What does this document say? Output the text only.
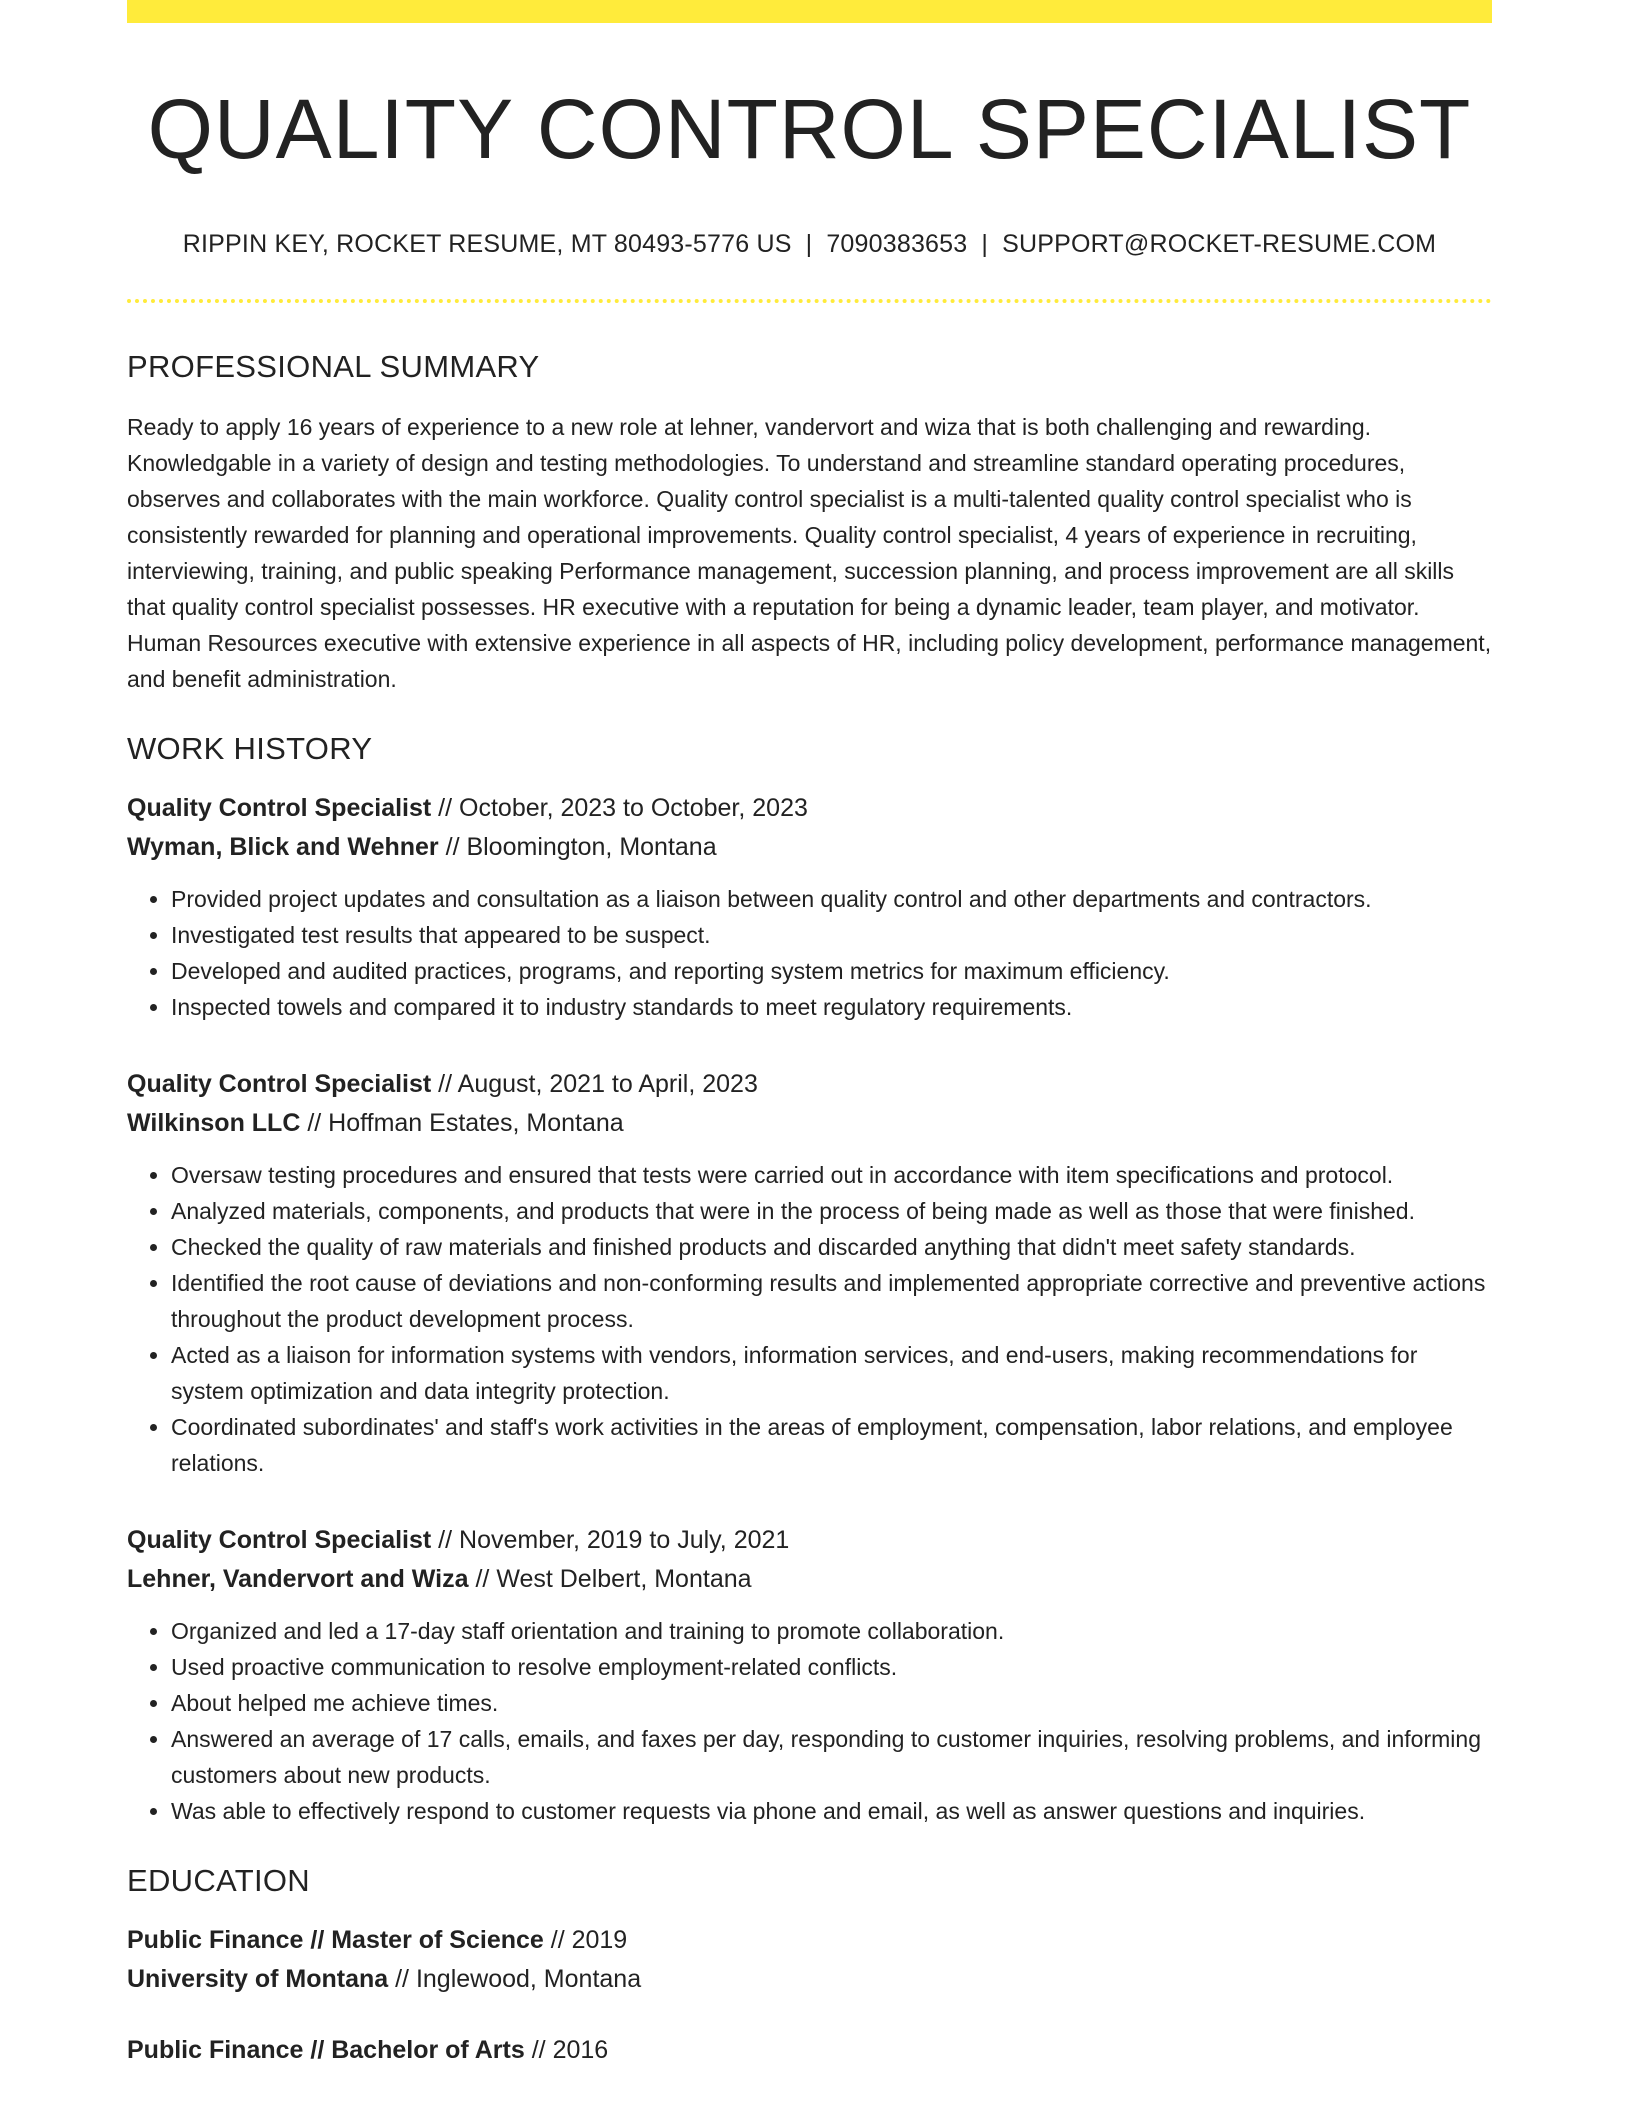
QUALITY CONTROL SPECIALIST
RIPPIN KEY, ROCKET RESUME, MT 80493-5776 US | 7090383653 | SUPPORT@ROCKET-RESUME.COM
PROFESSIONAL SUMMARY
Ready to apply 16 years of experience to a new role at lehner, vandervort and wiza that is both challenging and rewarding. Knowledgable in a variety of design and testing methodologies. To understand and streamline standard operating procedures, observes and collaborates with the main workforce. Quality control specialist is a multi-talented quality control specialist who is consistently rewarded for planning and operational improvements. Quality control specialist, 4 years of experience in recruiting, interviewing, training, and public speaking Performance management, succession planning, and process improvement are all skills that quality control specialist possesses. HR executive with a reputation for being a dynamic leader, team player, and motivator. Human Resources executive with extensive experience in all aspects of HR, including policy development, performance management, and benefit administration.
WORK HISTORY
Quality Control Specialist // October, 2023 to October, 2023
Wyman, Blick and Wehner // Bloomington, Montana
• Provided project updates and consultation as a liaison between quality control and other departments and contractors.
• Investigated test results that appeared to be suspect.
• Developed and audited practices, programs, and reporting system metrics for maximum efficiency.
• Inspected towels and compared it to industry standards to meet regulatory requirements.
Quality Control Specialist // August, 2021 to April, 2023
Wilkinson LLC // Hoffman Estates, Montana
• Oversaw testing procedures and ensured that tests were carried out in accordance with item specifications and protocol.
• Analyzed materials, components, and products that were in the process of being made as well as those that were finished.
• Checked the quality of raw materials and finished products and discarded anything that didn't meet safety standards.
• Identified the root cause of deviations and non-conforming results and implemented appropriate corrective and preventive actions throughout the product development process.
• Acted as a liaison for information systems with vendors, information services, and end-users, making recommendations for system optimization and data integrity protection.
• Coordinated subordinates' and staff's work activities in the areas of employment, compensation, labor relations, and employee relations.
Quality Control Specialist // November, 2019 to July, 2021
Lehner, Vandervort and Wiza // West Delbert, Montana
• Organized and led a 17-day staff orientation and training to promote collaboration.
• Used proactive communication to resolve employment-related conflicts.
• About helped me achieve times.
• Answered an average of 17 calls, emails, and faxes per day, responding to customer inquiries, resolving problems, and informing customers about new products.
• Was able to effectively respond to customer requests via phone and email, as well as answer questions and inquiries.
EDUCATION
Public Finance // Master of Science // 2019
University of Montana // Inglewood, Montana
Public Finance // Bachelor of Arts // 2016
